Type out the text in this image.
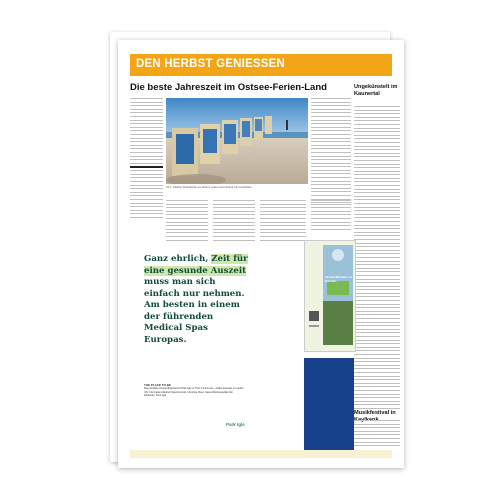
DEN HERBST GENIESSEN
Die beste Jahreszeit im Ostsee-Ferien-Land	Ungekünstelt im Kaunertal
Ab 1. Oktober Strandkörbe am Strand, sowie Fotos Strand zum Herbstfest.
Musikfestival in
Ganz ehrlich, Zeit für eine gesunde Auszeit muss man sich einfach nur nehmen. Am besten in einem der führenden Medical Spas Europas.
THE PLACE TO BE
Das perfekte Gesundheitsresort Park Igls in Tirol. Fiversmal – stärke Energie pro jeden Uhr. Der beste Medical Spa-Konzept. Lifestyle Ideal. Gesundheitsqualität inkl. Wellness. Park Igls.
Park Igls
Herbst-Wandern in Kärnten
